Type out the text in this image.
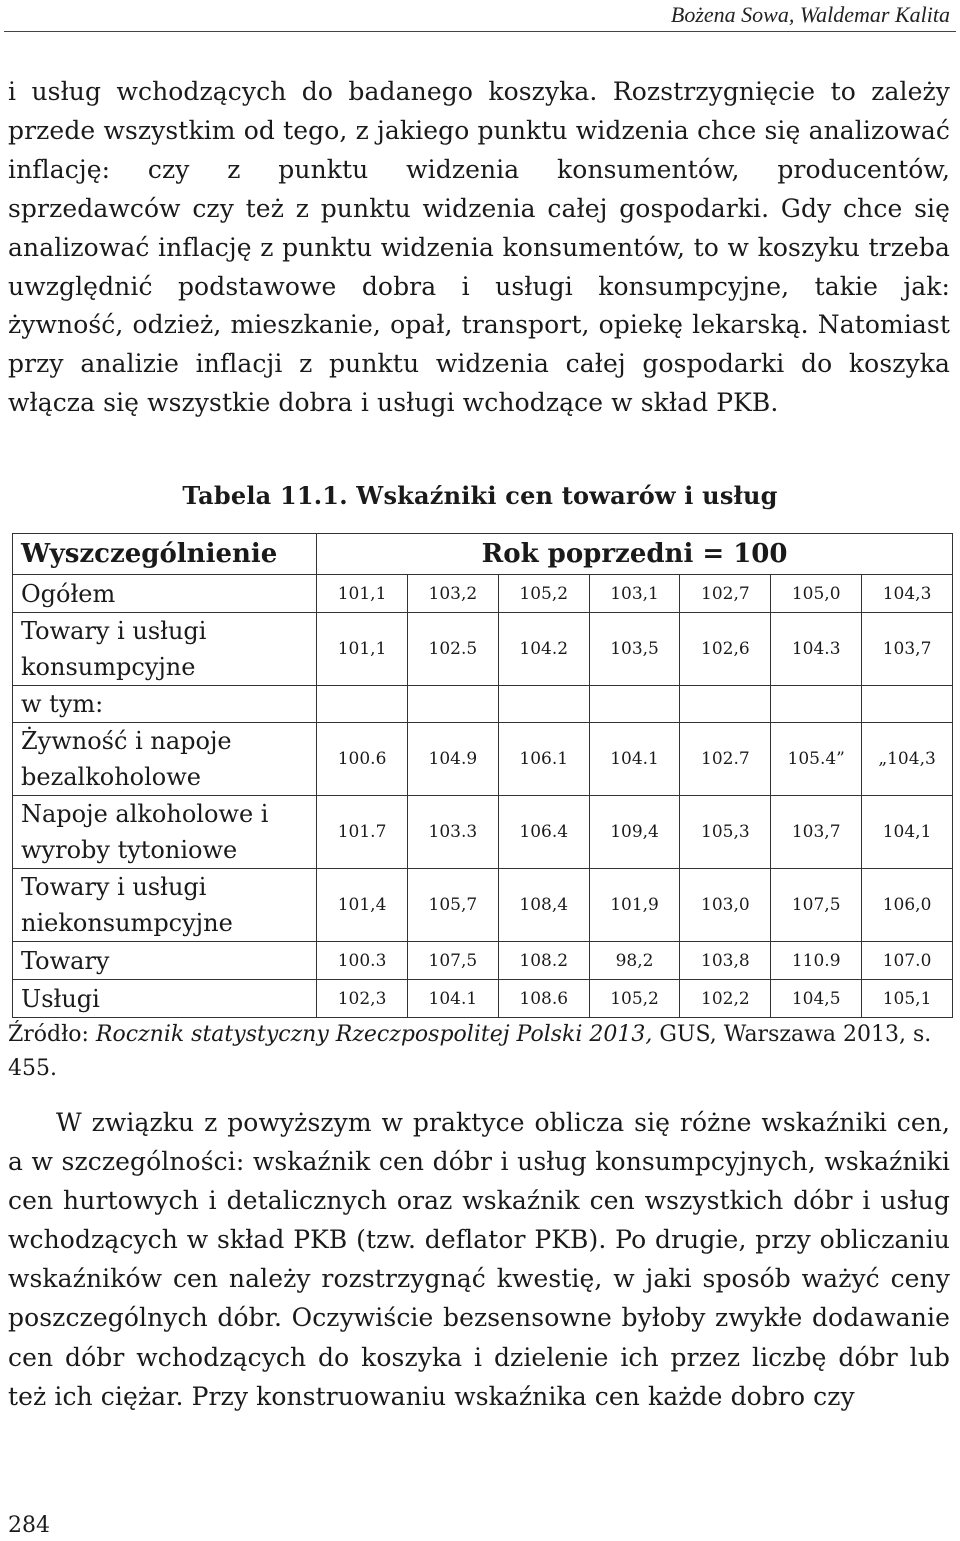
Bożena Sowa, Waldemar Kalita

i usług wchodzących do badanego koszyka. Rozstrzygnięcie to zależy przede wszystkim od tego, z jakiego punktu widzenia chce się analizować inflację: czy z punktu widzenia konsumentów, producentów, sprzedawców czy też z punktu widzenia całej gospodarki. Gdy chce się analizować inflację z punktu widzenia konsumentów, to w koszyku trzeba uwzględnić podstawowe dobra i usługi konsumpcyjne, takie jak: żywność, odzież, mieszkanie, opał, transport, opiekę lekarską. Natomiast przy analizie inflacji z punktu widzenia całej gospodarki do koszyka włącza się wszystkie dobra i usługi wchodzące w skład PKB.

Tabela 11.1. Wskaźniki cen towarów i usług
Wyszczególnienie	Rok poprzedni = 100						
Ogółem	101,1	103,2	105,2	103,1	102,7	105,0	104,3
Towary i usługi konsumpcyjne	101,1	102.5	104.2	103,5	102,6	104.3	103,7
w tym:							
Żywność i napoje bezalkoholowe	100.6	104.9	106.1	104.1	102.7	105.4”	„104,3
Napoje alkoholowe i wyroby tytoniowe	101.7	103.3	106.4	109,4	105,3	103,7	104,1
Towary i usługi niekonsumpcyjne	101,4	105,7	108,4	101,9	103,0	107,5	106,0
Towary	100.3	107,5	108.2	98,2	103,8	110.9	107.0
Usługi	102,3	104.1	108.6	105,2	102,2	104,5	105,1

Źródło: Rocznik statystyczny Rzeczpospolitej Polski 2013, GUS, Warszawa 2013, s. 455.

W związku z powyższym w praktyce oblicza się różne wskaźniki cen, a w szczególności: wskaźnik cen dóbr i usług konsumpcyjnych, wskaźniki cen hurtowych i detalicznych oraz wskaźnik cen wszystkich dóbr i usług wchodzących w skład PKB (tzw. deflator PKB). Po drugie, przy obliczaniu wskaźników cen należy rozstrzygnąć kwestię, w jaki sposób ważyć ceny poszczególnych dóbr. Oczywiście bezsensowne byłoby zwykłe dodawanie cen dóbr wchodzących do koszyka i dzielenie ich przez liczbę dóbr lub też ich ciężar. Przy konstruowaniu wskaźnika cen każde dobro czy

284
